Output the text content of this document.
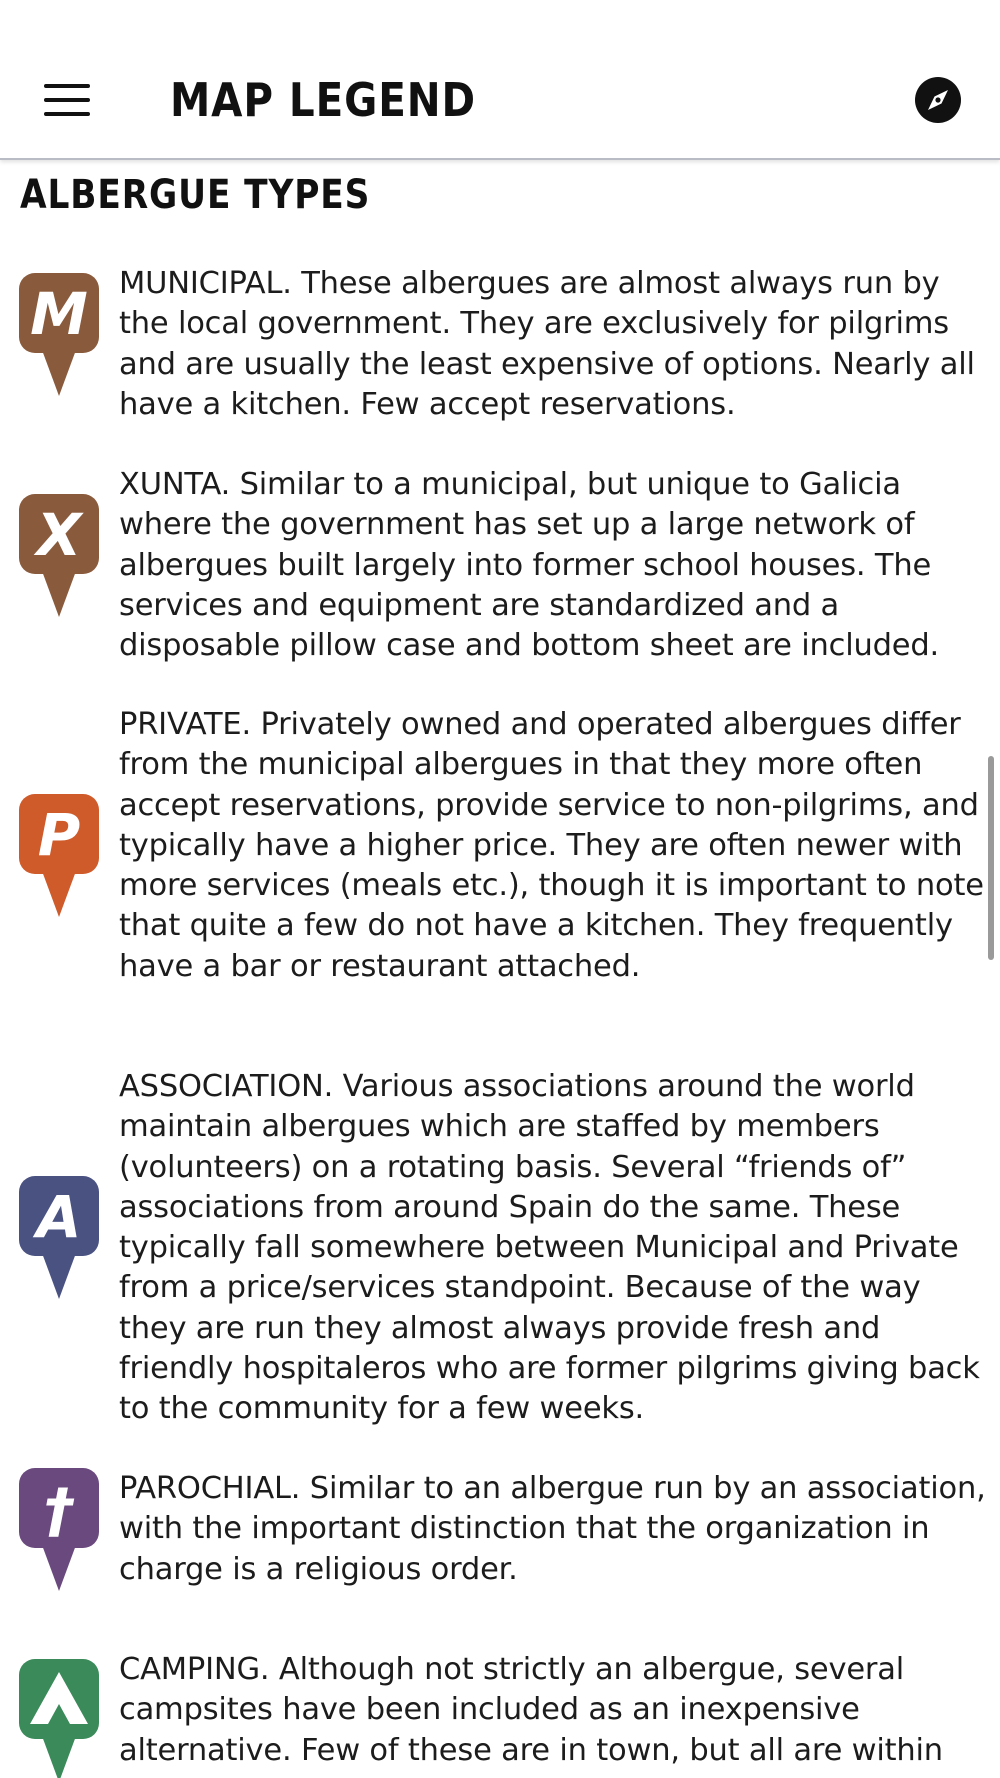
MAP LEGEND
ALBERGUE TYPES
M MUNICIPAL. These albergues are almost always run by the local government. They are exclusively for pilgrims and are usually the least expensive of options. Nearly all have a kitchen. Few accept reservations.

X

XUNTA. Similar to a municipal, but unique to Galicia where the government has set up a large network of albergues built largely into former school houses. The services and equipment are standardized and a disposable pillow case and bottom sheet are included.

P

PRIVATE. Privately owned and operated albergues differ from the municipal albergues in that they more often accept reservations, provide service to non-pilgrims, and typically have a higher price. They are often newer with more services (meals etc.), though it is important to note that quite a few do not have a kitchen. They frequently have a bar or restaurant attached.

A

ASSOCIATION. Various associations around the world maintain albergues which are staffed by members (volunteers) on a rotating basis. Several “friends of” associations from around Spain do the same. These typically fall somewhere between Municipal and Private from a price/services standpoint. Because of the way they are run they almost always provide fresh and friendly hospitaleros who are former pilgrims giving back to the community for a few weeks.

† PAROCHIAL. Similar to an albergue run by an association, with the important distinction that the organization in charge is a religious order.

CAMPING. Although not strictly an albergue, several campsites have been included as an inexpensive alternative. Few of these are in town, but all are within
